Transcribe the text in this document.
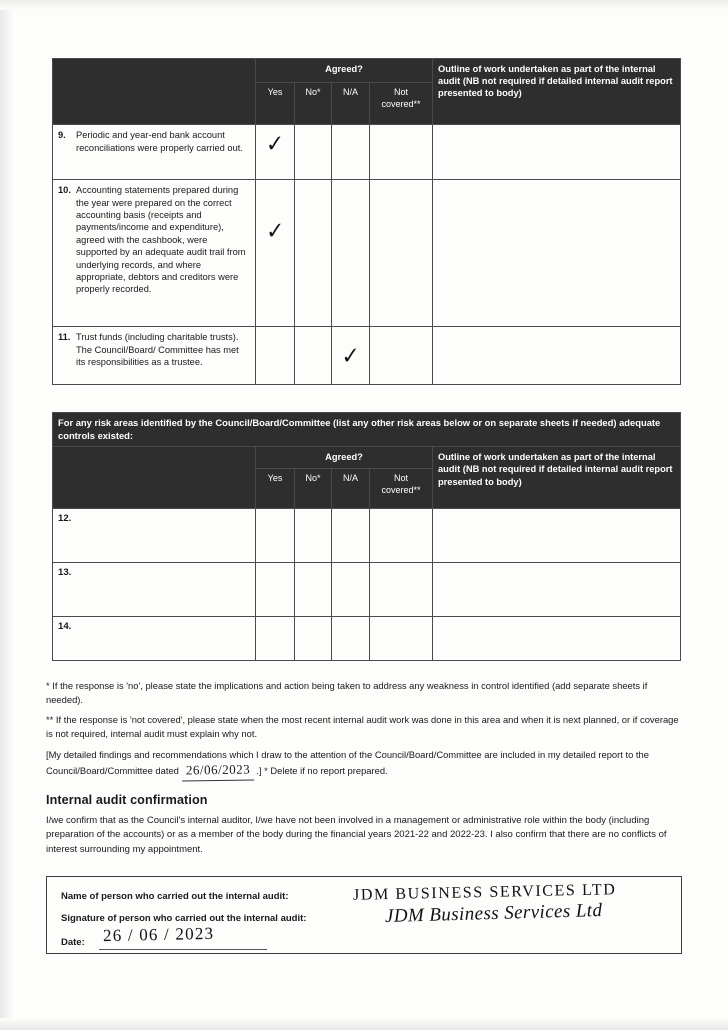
	Agreed?				Outline of work undertaken as part of the internal audit (NB not required if detailed internal audit report presented to body)
	Yes	No*	N/A	Not covered**	
9. Periodic and year-end bank account reconciliations were properly carried out.	✓				

10. Accounting statements prepared during the year were prepared on the correct accounting basis (receipts and payments/income and expenditure), agreed with the cashbook, were supported by an adequate audit trail from underlying records, and where appropriate, debtors and creditors were properly recorded.	✓				

11. Trust funds (including charitable trusts). The Council/Board/ Committee has met its responsibilities as a trustee.			✓		

For any risk areas identified by the Council/Board/Committee (list any other risk areas below or on separate sheets if needed) adequate controls existed:					
	Agreed?				Outline of work undertaken as part of the internal audit (NB not required if detailed internal audit report presented to body)
	Yes	No*	N/A	Not covered**	
12.					
13.					
14.					

* If the response is 'no', please state the implications and action being taken to address any weakness in control identified (add separate sheets if needed).

** If the response is 'not covered', please state when the most recent internal audit work was done in this area and when it is next planned, or if coverage is not required, internal audit must explain why not.

[My detailed findings and recommendations which I draw to the attention of the Council/Board/Committee are included in my detailed report to the Council/Board/Committee dated 26/06/2023 .] * Delete if no report prepared.

Internal audit confirmation
I/we confirm that as the Council's internal auditor, I/we have not been involved in a management or administrative role within the body (including preparation of the accounts) or as a member of the body during the financial years 2021-22 and 2022-23. I also confirm that there are no conflicts of interest surrounding my appointment.
Name of person who carried out the internal audit:	JDM BUSINESS SERVICES LTD
Signature of person who carried out the internal audit:	JDM Business Services Ltd
Date: 26 / 06 / 2023
